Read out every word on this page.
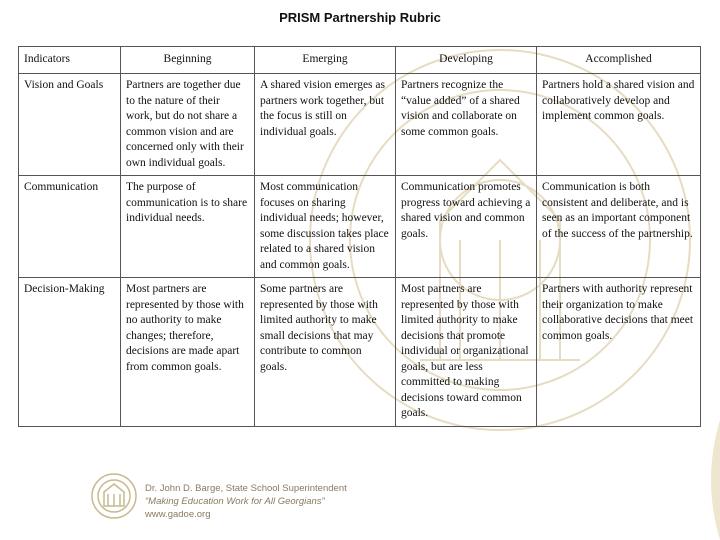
PRISM Partnership Rubric
Indicators	Beginning	Emerging	Developing	Accomplished
Vision and Goals	Partners are together due to the nature of their work, but do not share a common vision and are concerned only with their own individual goals.	A shared vision emerges as partners work together, but the focus is still on individual goals.	Partners recognize the “value added” of a shared vision and collaborate on some common goals.	Partners hold a shared vision and collaboratively develop and implement common goals.
Communication	The purpose of communication is to share individual needs.	Most communication focuses on sharing individual needs; however, some discussion takes place related to a shared vision and common goals.	Communication promotes progress toward achieving a shared vision and common goals.	Communication is both consistent and deliberate, and is seen as an important component of the success of the partnership.
Decision-Making	Most partners are represented by those with no authority to make changes; therefore, decisions are made apart from common goals.	Some partners are represented by those with limited authority to make small decisions that may contribute to common goals.	Most partners are represented by those with limited authority to make decisions that promote individual or organizational goals, but are less committed to making decisions toward common goals.	Partners with authority represent their organization to make collaborative decisions that meet common goals.
Dr. John D. Barge, State School Superintendent
“Making Education Work for All Georgians”
www.gadoe.org
